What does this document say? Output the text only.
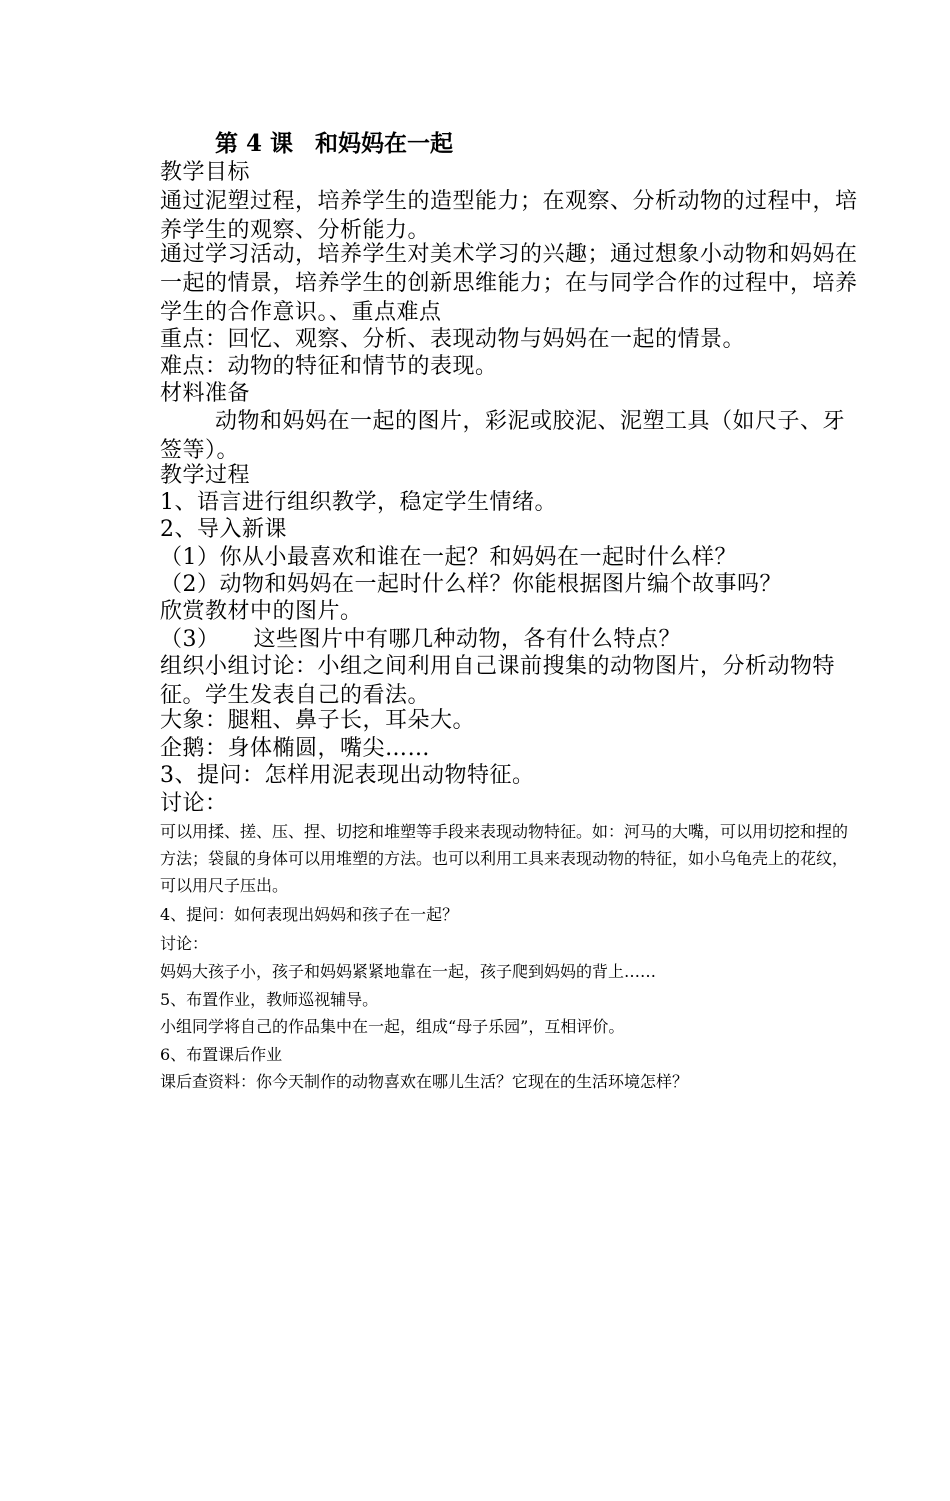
第 4 课 和妈妈在一起
教学目标
通过泥塑过程，培养学生的造型能力；在观察、分析动物的过程中，培养学生的观察、分析能力。
通过学习活动，培养学生对美术学习的兴趣；通过想象小动物和妈妈在一起的情景，培养学生的创新思维能力；在与同学合作的过程中，培养学生的合作意识。、重点难点
重点：回忆、观察、分析、表现动物与妈妈在一起的情景。
难点：动物的特征和情节的表现。
材料准备
动物和妈妈在一起的图片，彩泥或胶泥、泥塑工具（如尺子、牙签等）。
教学过程
1、语言进行组织教学，稳定学生情绪。
2、导入新课
（1）你从小最喜欢和谁在一起？和妈妈在一起时什么样？
（2）动物和妈妈在一起时什么样？你能根据图片编个故事吗？
欣赏教材中的图片。
（3）　　这些图片中有哪几种动物，各有什么特点？
组织小组讨论：小组之间利用自己课前搜集的动物图片，分析动物特征。学生发表自己的看法。
大象：腿粗、鼻子长，耳朵大。
企鹅：身体椭圆，嘴尖……
3、提问：怎样用泥表现出动物特征。
讨论：
可以用揉、搓、压、捏、切挖和堆塑等手段来表现动物特征。如：河马的大嘴，可以用切挖和捏的方法；袋鼠的身体可以用堆塑的方法。也可以利用工具来表现动物的特征，如小乌龟壳上的花纹，可以用尺子压出。
4、提问：如何表现出妈妈和孩子在一起？
讨论：
妈妈大孩子小，孩子和妈妈紧紧地靠在一起，孩子爬到妈妈的背上……
5、布置作业，教师巡视辅导。
小组同学将自己的作品集中在一起，组成“母子乐园”，互相评价。
6、布置课后作业
课后查资料：你今天制作的动物喜欢在哪儿生活？它现在的生活环境怎样？
